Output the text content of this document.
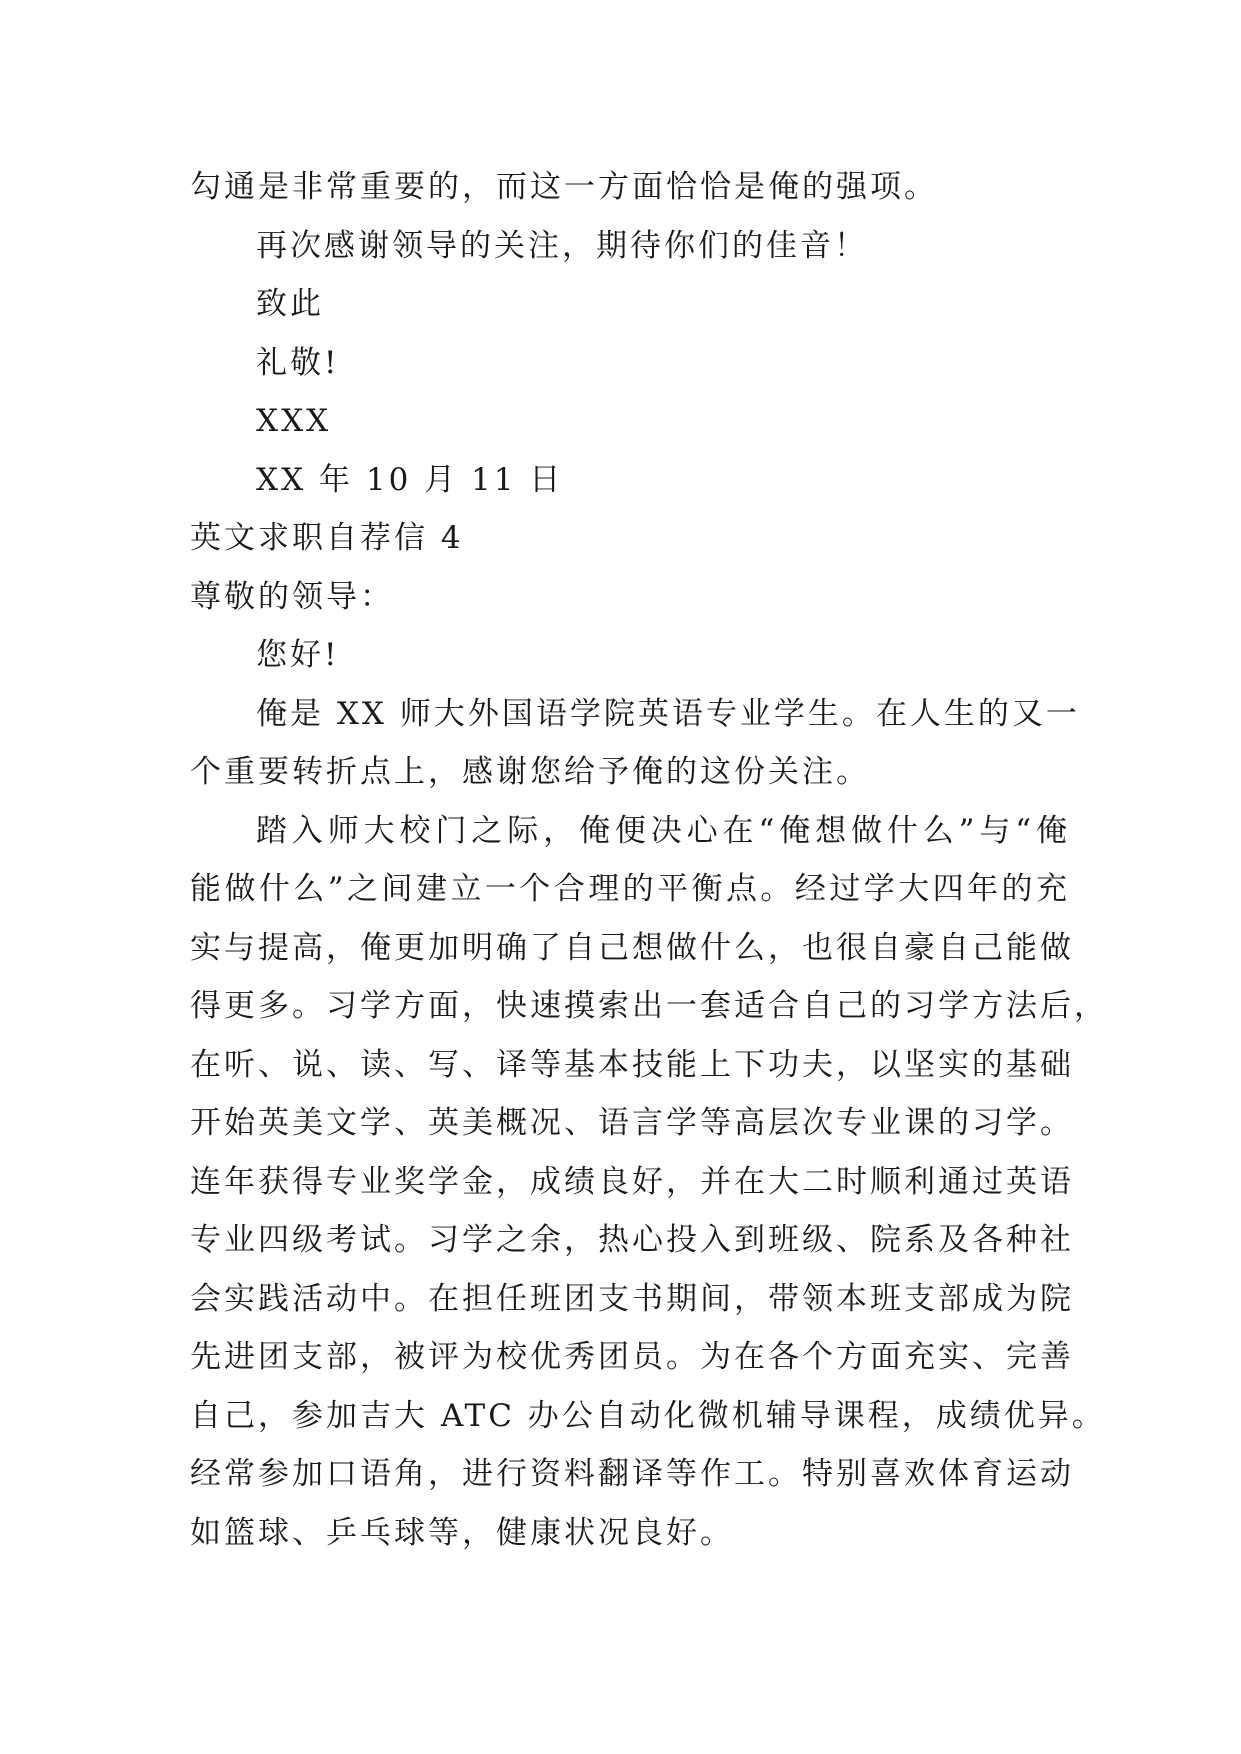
勾通是非常重要的，而这一方面恰恰是俺的强项。

再次感谢领导的关注，期待你们的佳音！

致此

礼敬!

XXX

XX 年 10 月 11 日

英文求职自荐信 4

尊敬的领导：

您好!

俺是 XX 师大外国语学院英语专业学生。在人生的又一

个重要转折点上，感谢您给予俺的这份关注。

踏入师大校门之际，俺便决心在“俺想做什么”与“俺

能做什么”之间建立一个合理的平衡点。经过学大四年的充

实与提高，俺更加明确了自己想做什么，也很自豪自己能做

得更多。习学方面，快速摸索出一套适合自己的习学方法后，

在听、说、读、写、译等基本技能上下功夫，以坚实的基础

开始英美文学、英美概况、语言学等高层次专业课的习学。

连年获得专业奖学金，成绩良好，并在大二时顺利通过英语

专业四级考试。习学之余，热心投入到班级、院系及各种社

会实践活动中。在担任班团支书期间，带领本班支部成为院

先进团支部，被评为校优秀团员。为在各个方面充实、完善

自己，参加吉大 ATC 办公自动化微机辅导课程，成绩优异。

经常参加口语角，进行资料翻译等作工。特别喜欢体育运动

如篮球、乒乓球等，健康状况良好。
